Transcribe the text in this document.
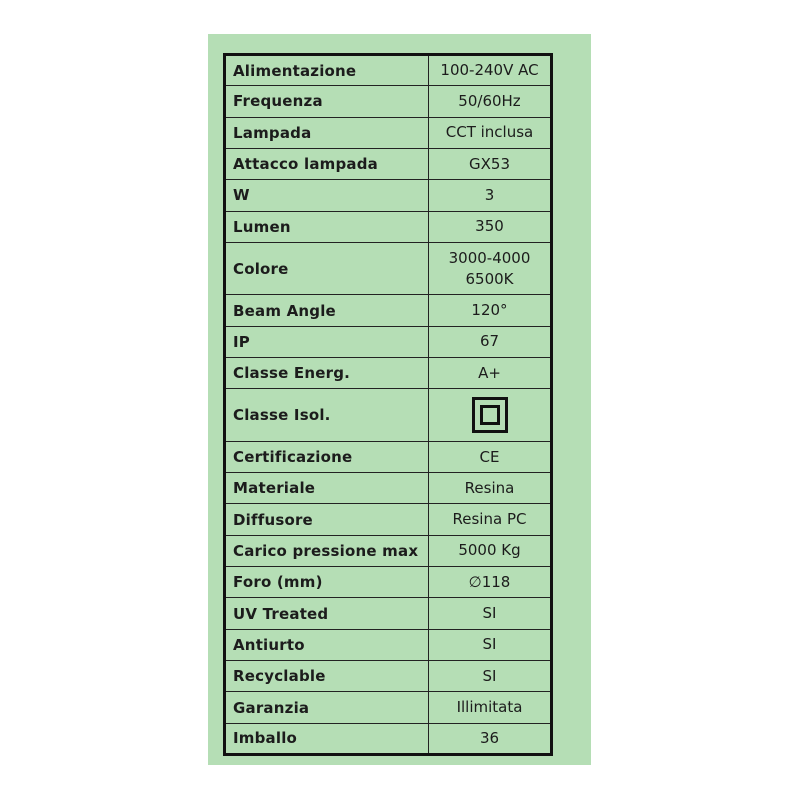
Alimentazione	100-240V AC
Frequenza	50/60Hz
Lampada	CCT inclusa
Attacco lampada	GX53
W	3
Lumen	350
Colore	3000-4000
6500K

Beam Angle	120°
IP	67
Classe Energ.	A+
Classe Isol.	
Certificazione	CE
Materiale	Resina
Diffusore	Resina PC
Carico pressione max	5000 Kg
Foro (mm)	∅118
UV Treated	SI
Antiurto	SI
Recyclable	SI
Garanzia	Illimitata
Imballo	36
